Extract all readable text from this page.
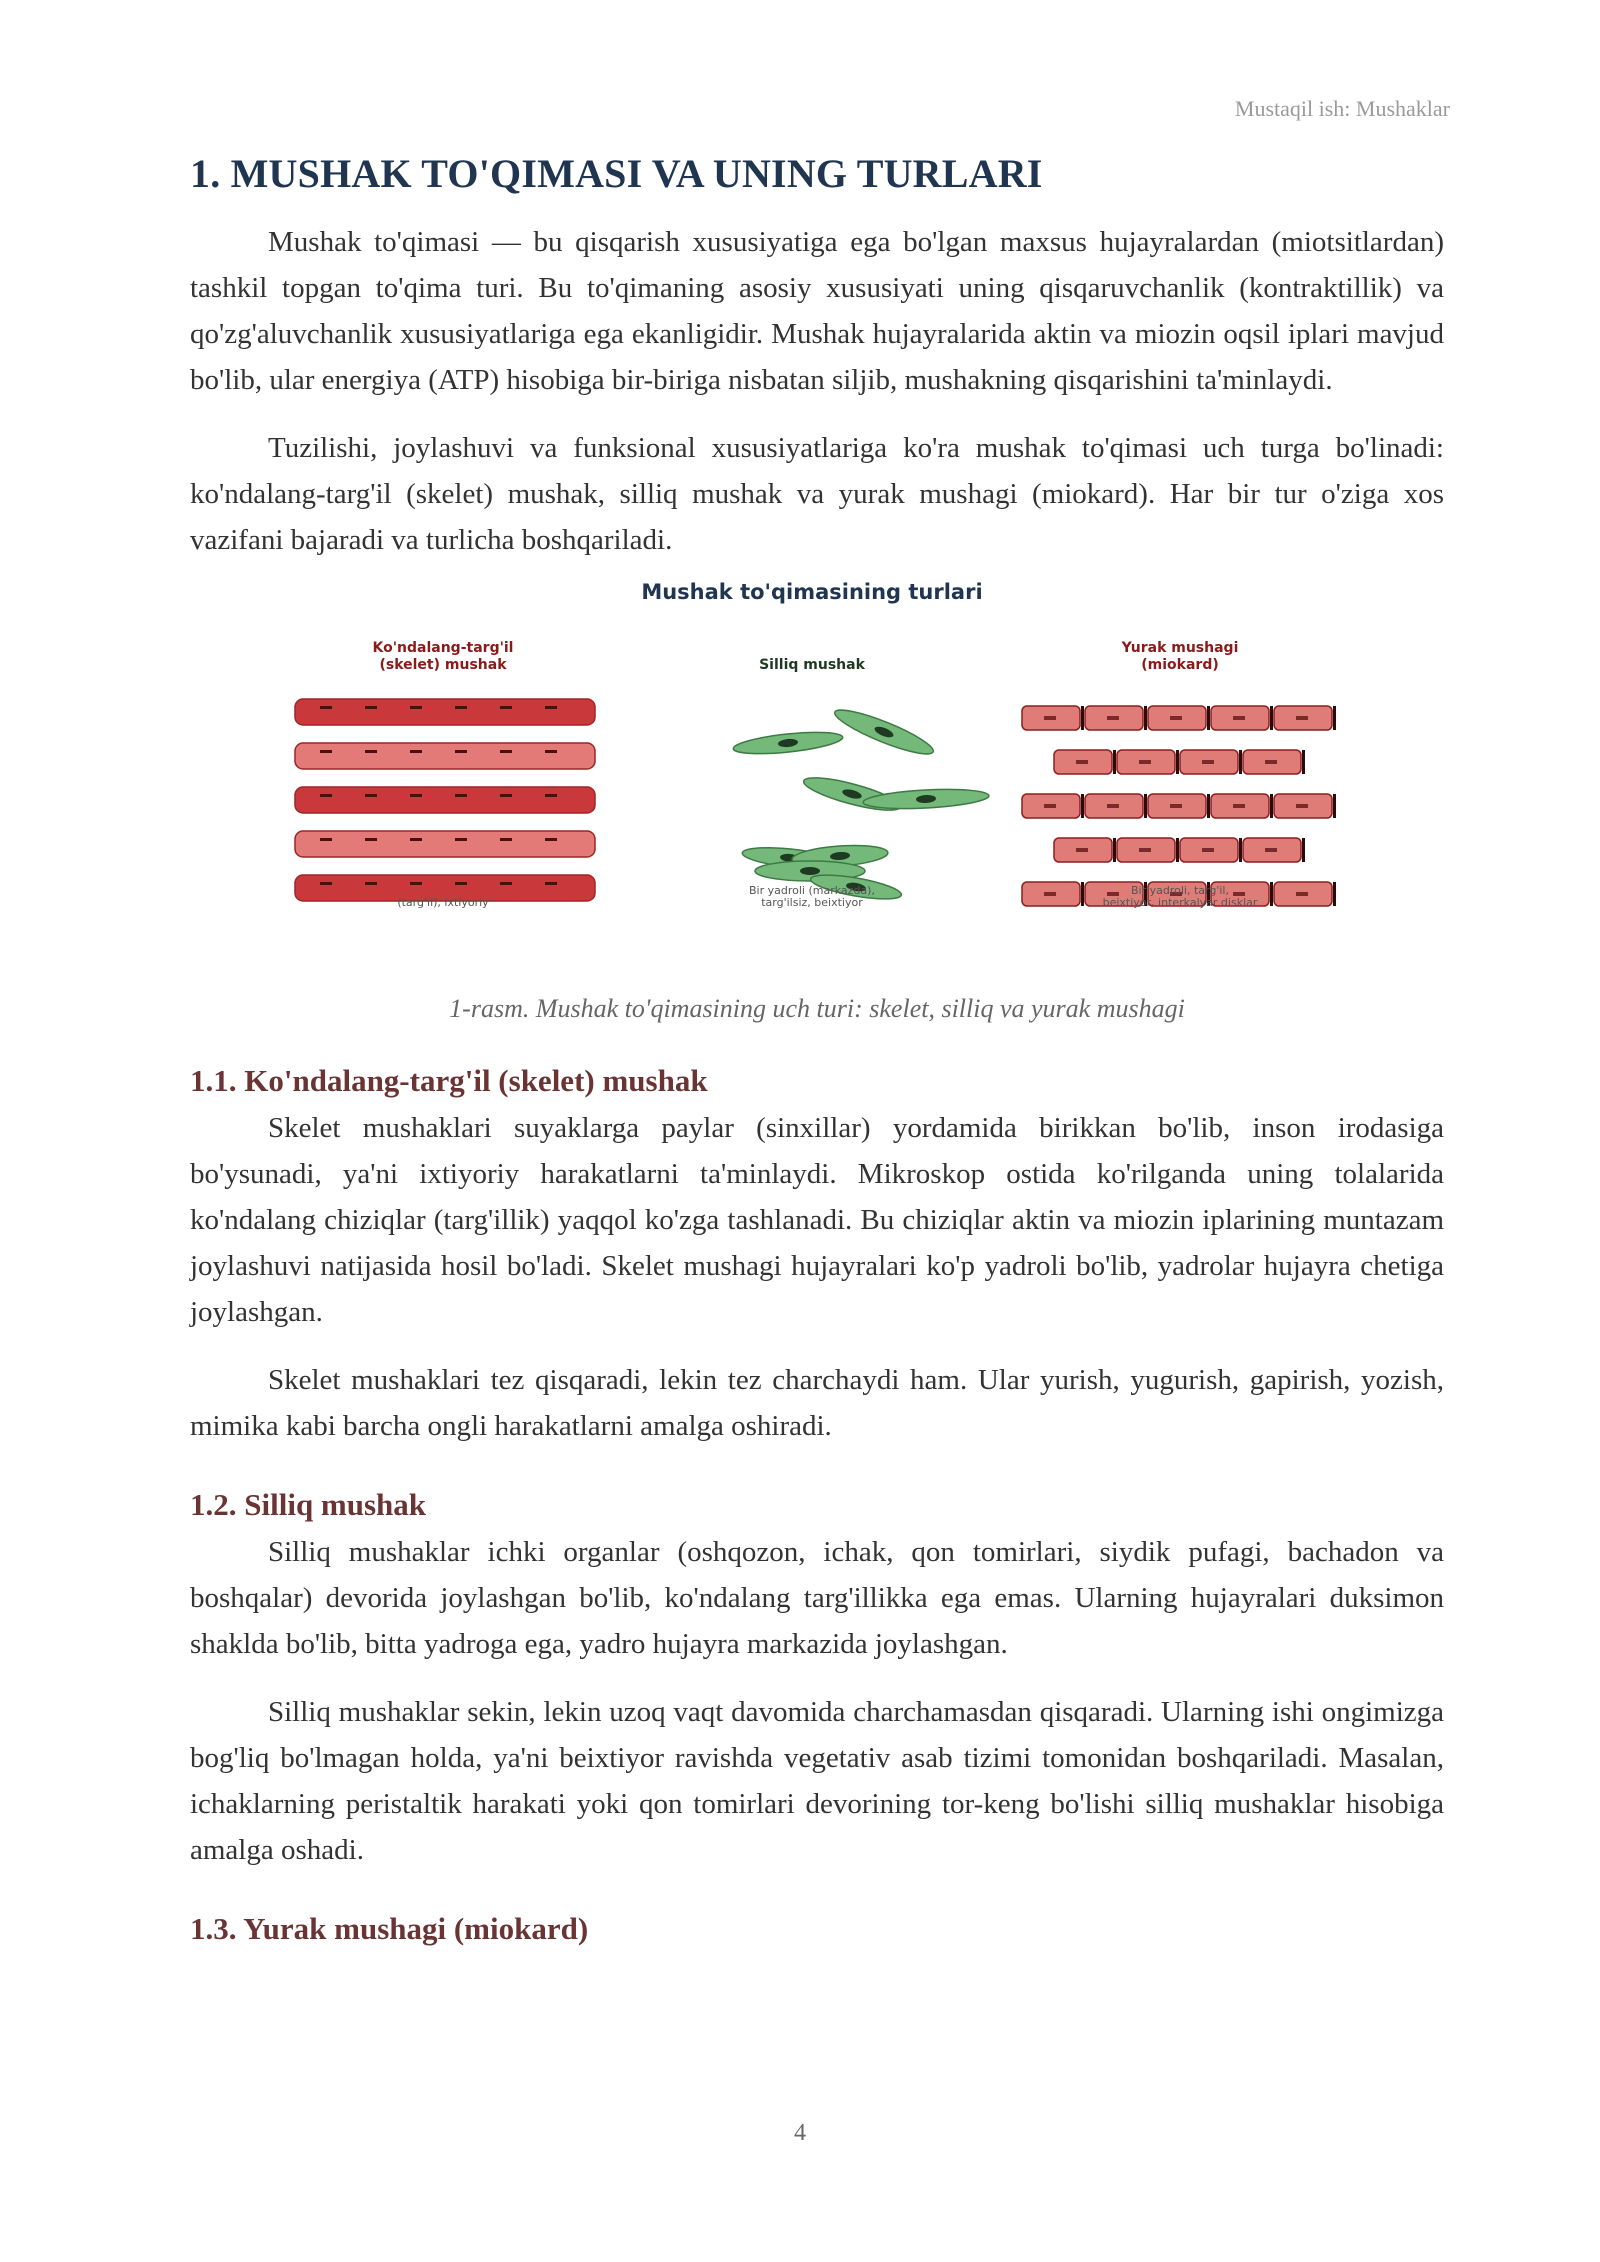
Mustaqil ish: Mushaklar
1. MUSHAK TO'QIMASI VA UNING TURLARI

Mushak to'qimasi — bu qisqarish xususiyatiga ega bo'lgan maxsus hujayralardan (miotsitlardan) tashkil topgan to'qima turi. Bu to'qimaning asosiy xususiyati uning qisqaruvchanlik (kontraktillik) va qo'zg'aluvchanlik xususiyatlariga ega ekanligidir. Mushak hujayralarida aktin va miozin oqsil iplari mavjud bo'lib, ular energiya (ATP) hisobiga bir-biriga nisbatan siljib, mushakning qisqarishini ta'minlaydi.

Tuzilishi, joylashuvi va funksional xususiyatlariga ko'ra mushak to'qimasi uch turga bo'linadi: ko'ndalang-targ'il (skelet) mushak, silliq mushak va yurak mushagi (miokard). Har bir tur o'ziga xos vazifani bajaradi va turlicha boshqariladi.

Mushak to'qimasining turlari
Ko'ndalang-targ'il
(skelet) mushak	Silliq mushak
Yurak mushagi
(miokard)
(targ'il), ixtiyoriy
Bir yadroli (markazda),
targ'ilsiz, beixtiyor
Bir yadroli, targ'il,
beixtiyor, interkalyar disklar

1-rasm. Mushak to'qimasining uch turi: skelet, silliq va yurak mushagi

1.1. Ko'ndalang-targ'il (skelet) mushak

Skelet mushaklari suyaklarga paylar (sinxillar) yordamida birikkan bo'lib, inson irodasiga bo'ysunadi, ya'ni ixtiyoriy harakatlarni ta'minlaydi. Mikroskop ostida ko'rilganda uning tolalarida ko'ndalang chiziqlar (targ'illik) yaqqol ko'zga tashlanadi. Bu chiziqlar aktin va miozin iplarining muntazam joylashuvi natijasida hosil bo'ladi. Skelet mushagi hujayralari ko'p yadroli bo'lib, yadrolar hujayra chetiga joylashgan.

Skelet mushaklari tez qisqaradi, lekin tez charchaydi ham. Ular yurish, yugurish, gapirish, yozish, mimika kabi barcha ongli harakatlarni amalga oshiradi.

1.2. Silliq mushak

Silliq mushaklar ichki organlar (oshqozon, ichak, qon tomirlari, siydik pufagi, bachadon va boshqalar) devorida joylashgan bo'lib, ko'ndalang targ'illikka ega emas. Ularning hujayralari duksimon shaklda bo'lib, bitta yadroga ega, yadro hujayra markazida joylashgan.

Silliq mushaklar sekin, lekin uzoq vaqt davomida charchamasdan qisqaradi. Ularning ishi ongimizga bog'liq bo'lmagan holda, ya'ni beixtiyor ravishda vegetativ asab tizimi tomonidan boshqariladi. Masalan, ichaklarning peristaltik harakati yoki qon tomirlari devorining tor-keng bo'lishi silliq mushaklar hisobiga amalga oshadi.

1.3. Yurak mushagi (miokard)
4
